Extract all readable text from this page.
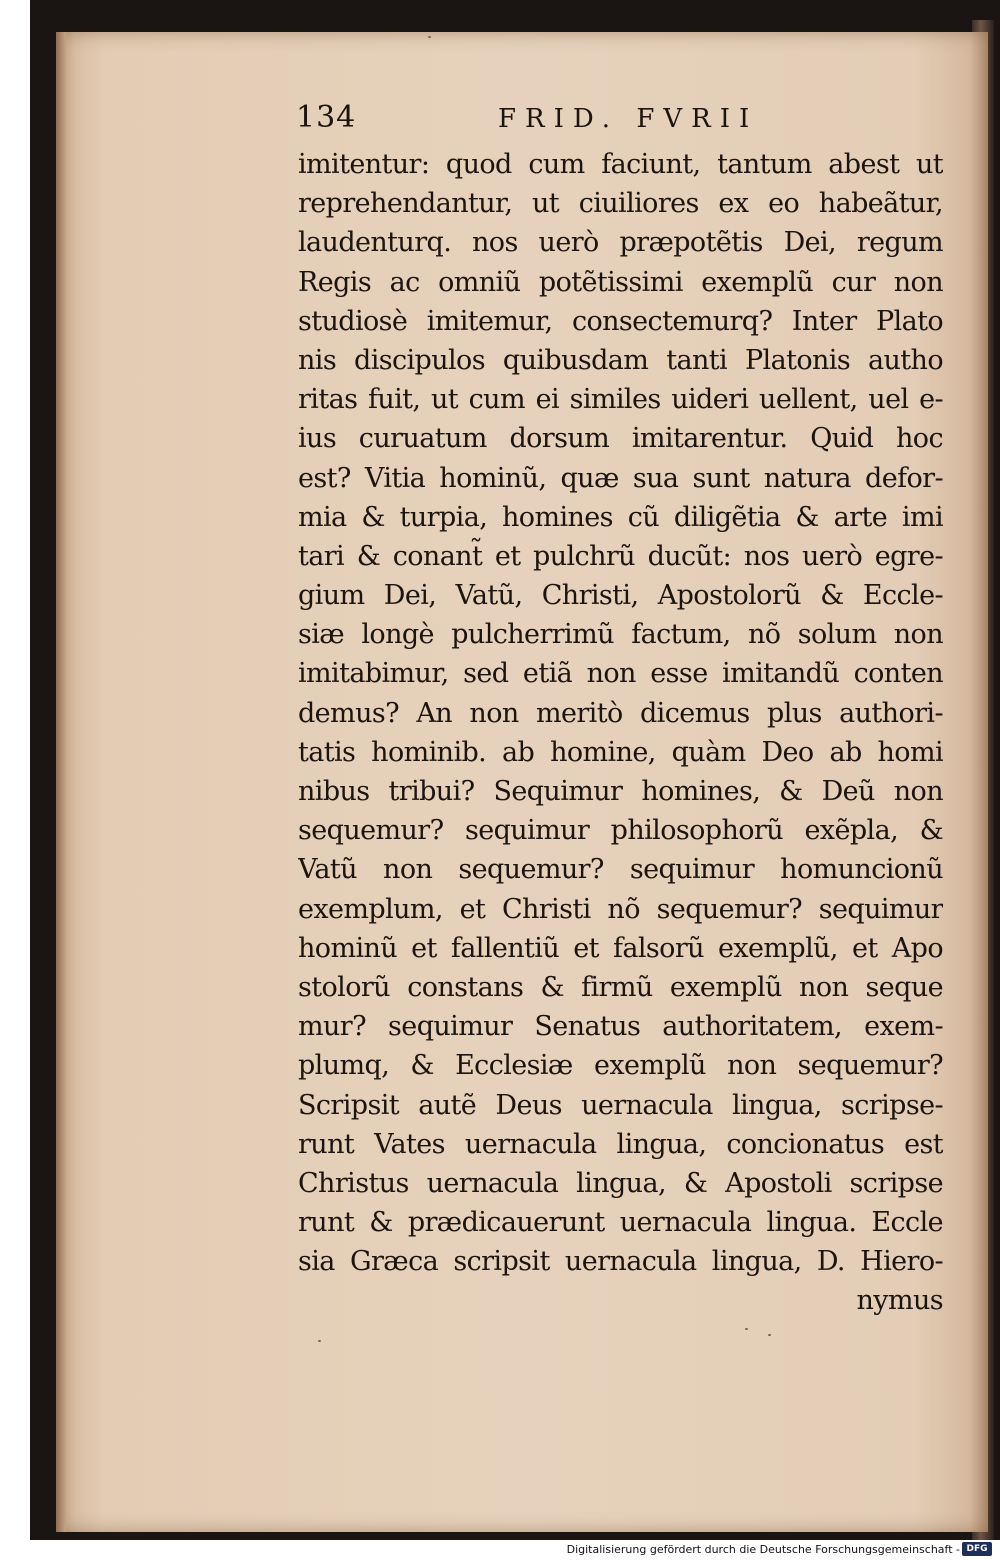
134	FRID. FVRII
imitentur: quod cum faciunt, tantum abest ut
reprehendantur, ut ciuiliores ex eo habeãtur,
laudenturq. nos uerò præpotẽtis Dei, regum
Regis ac omniũ potẽtissimi exemplũ cur non
studiosè imitemur, consectemurq? Inter Plato
nis discipulos quibusdam tanti Platonis autho
ritas fuit, ut cum ei similes uideri uellent, uel e-
ius curuatum dorsum imitarentur. Quid hoc
est? Vitia hominũ, quæ sua sunt natura defor-
mia & turpia, homines cũ diligẽtia & arte imi
tari & conant̃ et pulchrũ ducũt: nos uerò egre-
gium Dei, Vatũ, Christi, Apostolorũ & Eccle-
siæ longè pulcherrimũ factum, nõ solum non
imitabimur, sed etiã non esse imitandũ conten
demus? An non meritò dicemus plus authori-
tatis hominib. ab homine, quàm Deo ab homi
nibus tribui? Sequimur homines, & Deũ non
sequemur? sequimur philosophorũ exẽpla, &
Vatũ non sequemur? sequimur homuncionũ
exemplum, et Christi nõ sequemur? sequimur
hominũ et fallentiũ et falsorũ exemplũ, et Apo
stolorũ constans & firmũ exemplũ non seque
mur? sequimur Senatus authoritatem, exem-
plumq, & Ecclesiæ exemplũ non sequemur?
Scripsit autẽ Deus uernacula lingua, scripse-
runt Vates uernacula lingua, concionatus est
Christus uernacula lingua, & Apostoli scripse
runt & prædicauerunt uernacula lingua. Eccle
sia Græca scripsit uernacula lingua, D. Hiero-
nymus
Digitalisierung gefördert durch die Deutsche Forschungsgemeinschaft - DFG
